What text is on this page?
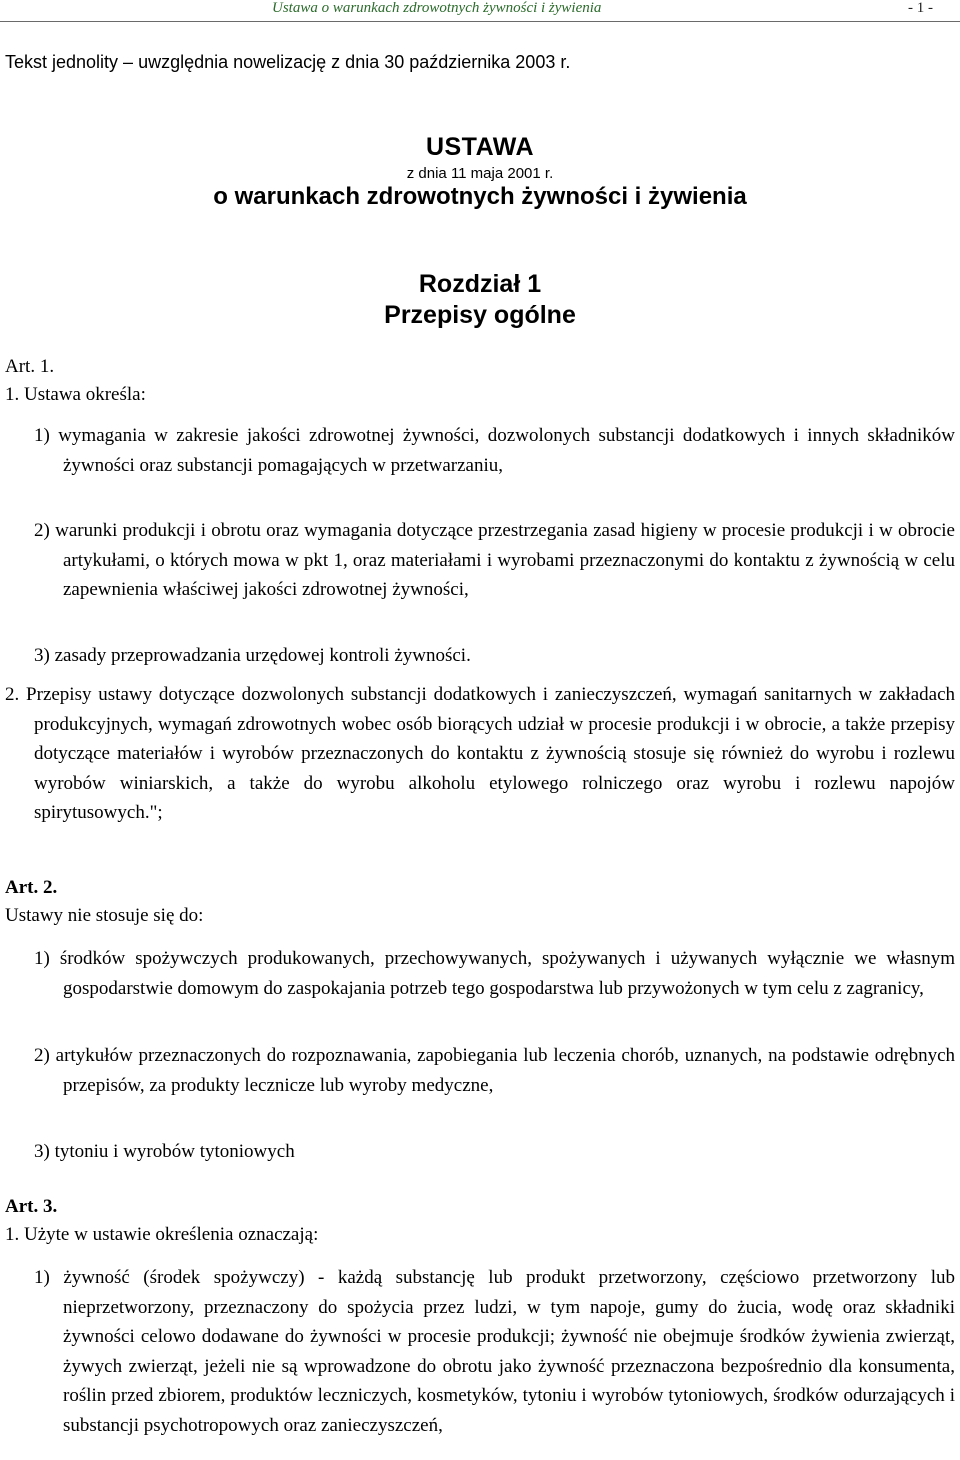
Ustawa o warunkach zdrowotnych żywności i żywienia	- 1 -
Tekst jednolity – uwzględnia nowelizację z dnia 30 października 2003 r.
USTAWA
z dnia 11 maja 2001 r.
o warunkach zdrowotnych żywności i żywienia
Rozdział 1
Przepisy ogólne
Art. 1.
1. Ustawa określa:
1) wymagania w zakresie jakości zdrowotnej żywności, dozwolonych substancji dodatkowych i innych składników żywności oraz substancji pomagających w przetwarzaniu,
2) warunki produkcji i obrotu oraz wymagania dotyczące przestrzegania zasad higieny w procesie produkcji i w obrocie artykułami, o których mowa w pkt 1, oraz materiałami i wyrobami przeznaczonymi do kontaktu z żywnością w celu zapewnienia właściwej jakości zdrowotnej żywności,
3) zasady przeprowadzania urzędowej kontroli żywności.
2. Przepisy ustawy dotyczące dozwolonych substancji dodatkowych i zanieczyszczeń, wymagań sanitarnych w zakładach produkcyjnych, wymagań zdrowotnych wobec osób biorących udział w procesie produkcji i w obrocie, a także przepisy dotyczące materiałów i wyrobów przeznaczonych do kontaktu z żywnością stosuje się również do wyrobu i rozlewu wyrobów winiarskich, a także do wyrobu alkoholu etylowego rolniczego oraz wyrobu i rozlewu napojów spirytusowych.";
Art. 2.
Ustawy nie stosuje się do:
1) środków spożywczych produkowanych, przechowywanych, spożywanych i używanych wyłącznie we własnym gospodarstwie domowym do zaspokajania potrzeb tego gospodarstwa lub przywożonych w tym celu z zagranicy,
2) artykułów przeznaczonych do rozpoznawania, zapobiegania lub leczenia chorób, uznanych, na podstawie odrębnych przepisów, za produkty lecznicze lub wyroby medyczne,
3) tytoniu i wyrobów tytoniowych
Art. 3.
1. Użyte w ustawie określenia oznaczają:
1) żywność (środek spożywczy) - każdą substancję lub produkt przetworzony, częściowo przetworzony lub nieprzetworzony, przeznaczony do spożycia przez ludzi, w tym napoje, gumy do żucia, wodę oraz składniki żywności celowo dodawane do żywności w procesie produkcji; żywność nie obejmuje środków żywienia zwierząt, żywych zwierząt, jeżeli nie są wprowadzone do obrotu jako żywność przeznaczona bezpośrednio dla konsumenta, roślin przed zbiorem, produktów leczniczych, kosmetyków, tytoniu i wyrobów tytoniowych, środków odurzających i substancji psychotropowych oraz zanieczyszczeń,
